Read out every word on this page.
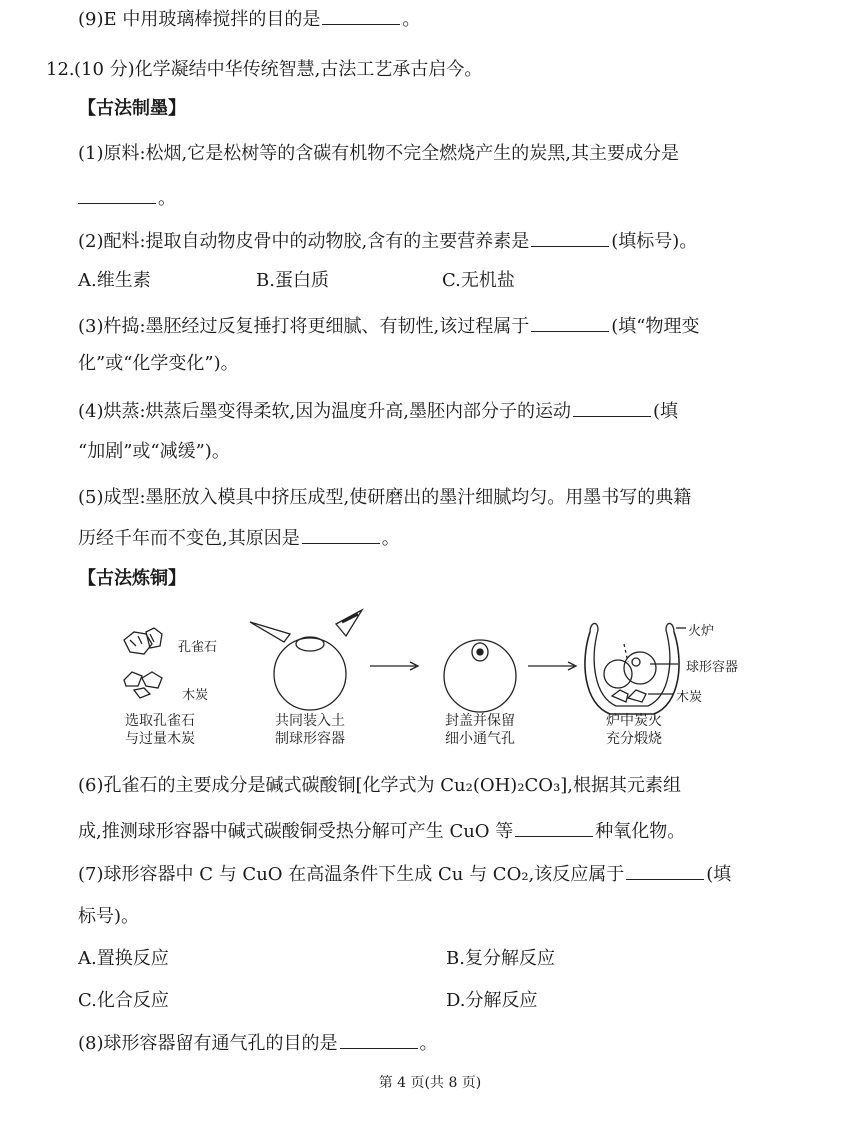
(9)E 中用玻璃棒搅拌的目的是	。
12. (10 分)化学凝结中华传统智慧,古法工艺承古启今。
【古法制墨】
(1)原料:松烟,它是松树等的含碳有机物不完全燃烧产生的炭黑,其主要成分是
。
(2)配料:提取自动物皮骨中的动物胶,含有的主要营养素是	(填标号)。
A.维生素	B.蛋白质	C.无机盐
(3)杵捣:墨胚经过反复捶打将更细腻、有韧性,该过程属于	(填“物理变
化”或“化学变化”)。
(4)烘蒸:烘蒸后墨变得柔软,因为温度升高,墨胚内部分子的运动	(填
“加剧”或“减缓”)。
(5)成型:墨胚放入模具中挤压成型,使研磨出的墨汁细腻均匀。用墨书写的典籍
历经千年而不变色,其原因是	。
【古法炼铜】
孔雀石
木炭
火炉
球形容器
木炭
选取孔雀石
与过量木炭
共同装入土
制球形容器
封盖并保留
细小通气孔
炉中炭火
充分煅烧
(6)孔雀石的主要成分是碱式碳酸铜[化学式为 Cu₂(OH)₂CO₃],根据其元素组
成,推测球形容器中碱式碳酸铜受热分解可产生 CuO 等	种氧化物。
(7)球形容器中 C 与 CuO 在高温条件下生成 Cu 与 CO₂,该反应属于	(填
标号)。
A.置换反应	B.复分解反应
C.化合反应	D.分解反应
(8)球形容器留有通气孔的目的是	。
第 4 页(共 8 页)
